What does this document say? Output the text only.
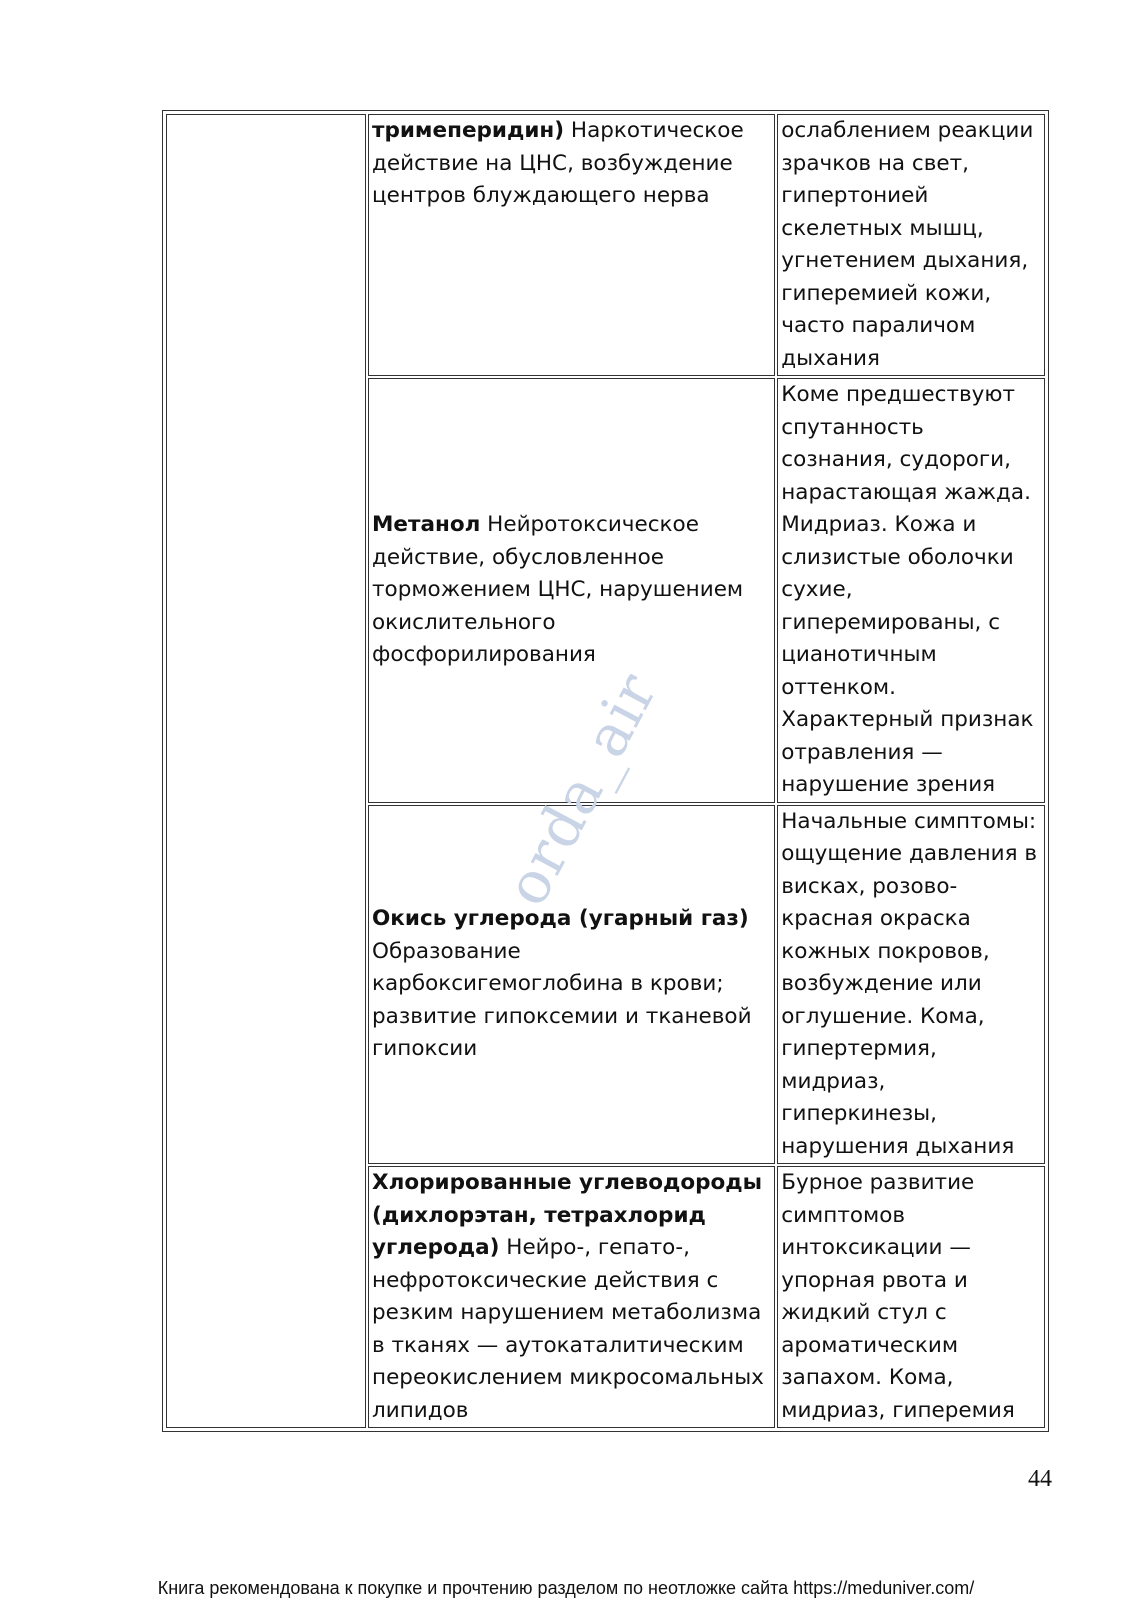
	тримеперидин) Наркотическое действие на ЦНС, возбуждение центров блуждающего нерва	ослаблением реакции зрачков на свет, гипертонией скелетных мышц, угнетением дыхания, гиперемией кожи, часто параличом дыхания
	Метанол Нейротоксическое действие, обусловленное торможением ЦНС, нарушением окислительного фосфорилирования	Коме предшествуют спутанность сознания, судороги, нарастающая жажда. Мидриаз. Кожа и слизистые оболочки сухие, гиперемированы, с цианотичным оттенком. Характерный признак отравления — нарушение зрения
	Окись углерода (угарный газ) Образование карбоксигемоглобина в крови; развитие гипоксемии и тканевой гипоксии	Начальные симптомы: ощущение давления в висках, розово-красная окраска кожных покровов, возбуждение или оглушение. Кома, гипертермия, мидриаз, гиперкинезы, нарушения дыхания
	Хлорированные углеводороды (дихлорэтан, тетрахлорид углерода) Нейро-, гепато-, нефротоксические действия с резким нарушением метаболизма в тканях — аутокаталитическим переокислением микросомальных липидов	Бурное развитие симптомов интоксикации — упорная рвота и жидкий стул с ароматическим запахом. Кома, мидриаз, гиперемия
orda_air
44
Книга рекомендована к покупке и прочтению разделом по неотложке сайта https://meduniver.com/
